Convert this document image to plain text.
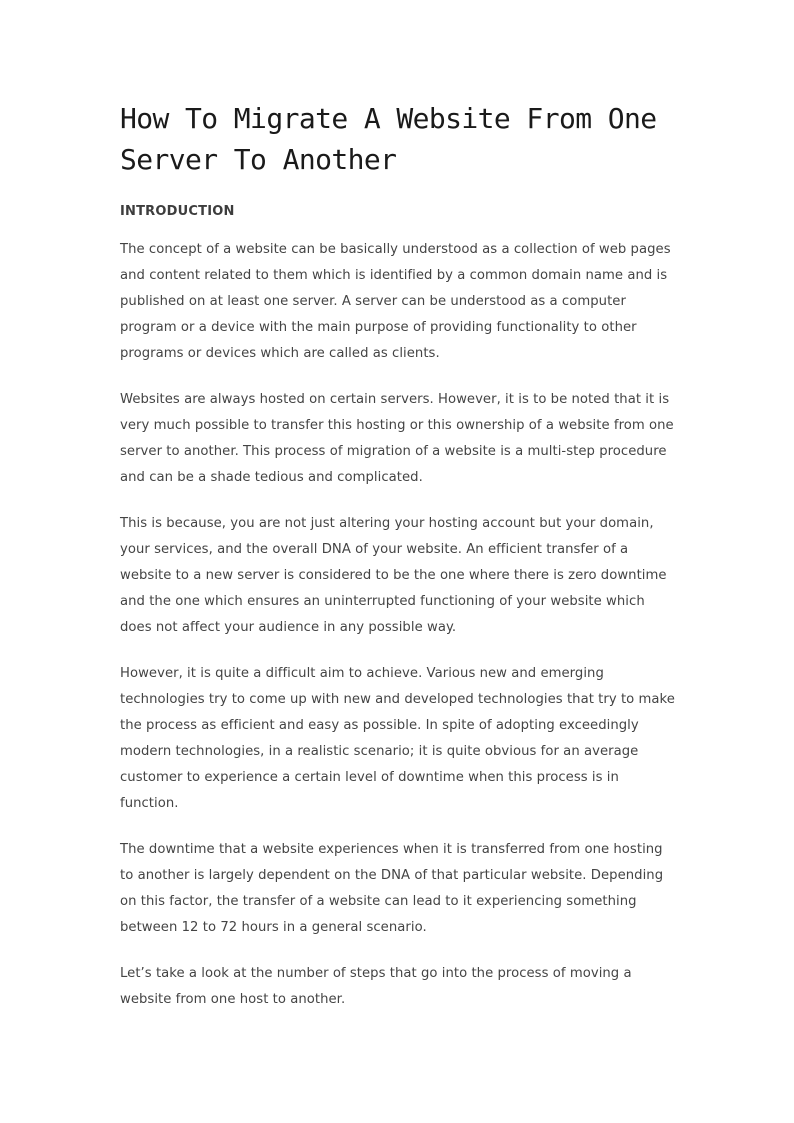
How To Migrate A Website From One Server To Another
INTRODUCTION

The concept of a website can be basically understood as a collection of web pages and content related to them which is identified by a common domain name and is published on at least one server. A server can be understood as a computer program or a device with the main purpose of providing functionality to other programs or devices which are called as clients.

Websites are always hosted on certain servers. However, it is to be noted that it is very much possible to transfer this hosting or this ownership of a website from one server to another. This process of migration of a website is a multi-step procedure and can be a shade tedious and complicated.

This is because, you are not just altering your hosting account but your domain, your services, and the overall DNA of your website. An efficient transfer of a website to a new server is considered to be the one where there is zero downtime and the one which ensures an uninterrupted functioning of your website which does not affect your audience in any possible way.

However, it is quite a difficult aim to achieve. Various new and emerging technologies try to come up with new and developed technologies that try to make the process as efficient and easy as possible. In spite of adopting exceedingly modern technologies, in a realistic scenario; it is quite obvious for an average customer to experience a certain level of downtime when this process is in function.

The downtime that a website experiences when it is transferred from one hosting to another is largely dependent on the DNA of that particular website. Depending on this factor, the transfer of a website can lead to it experiencing something between 12 to 72 hours in a general scenario.

Let’s take a look at the number of steps that go into the process of moving a website from one host to another.
